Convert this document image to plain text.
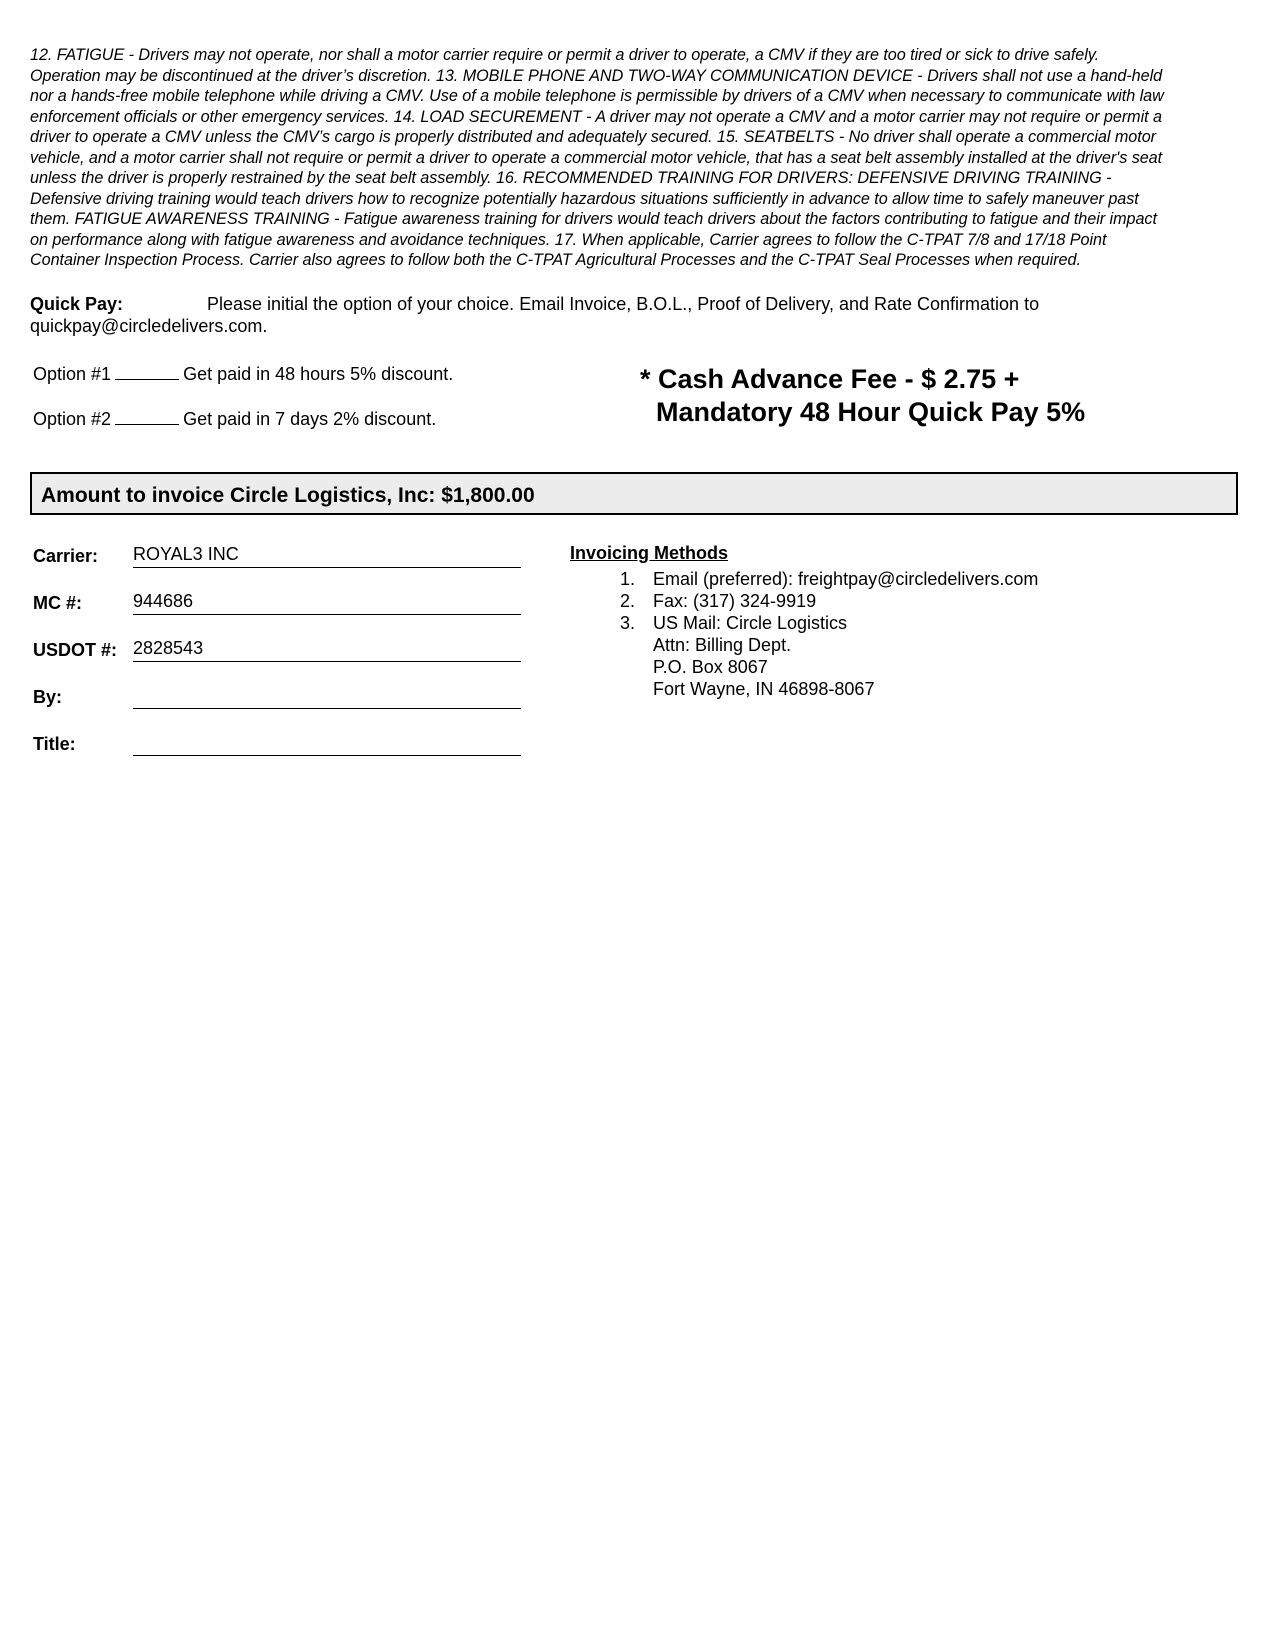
12. FATIGUE - Drivers may not operate, nor shall a motor carrier require or permit a driver to operate, a CMV if they are too tired or sick to drive safely.
Operation may be discontinued at the driver’s discretion. 13. MOBILE PHONE AND TWO-WAY COMMUNICATION DEVICE - Drivers shall not use a hand-held
nor a hands-free mobile telephone while driving a CMV. Use of a mobile telephone is permissible by drivers of a CMV when necessary to communicate with law
enforcement officials or other emergency services. 14. LOAD SECUREMENT - A driver may not operate a CMV and a motor carrier may not require or permit a
driver to operate a CMV unless the CMV’s cargo is properly distributed and adequately secured. 15. SEATBELTS - No driver shall operate a commercial motor
vehicle, and a motor carrier shall not require or permit a driver to operate a commercial motor vehicle, that has a seat belt assembly installed at the driver's seat
unless the driver is properly restrained by the seat belt assembly. 16. RECOMMENDED TRAINING FOR DRIVERS: DEFENSIVE DRIVING TRAINING -
Defensive driving training would teach drivers how to recognize potentially hazardous situations sufficiently in advance to allow time to safely maneuver past
them. FATIGUE AWARENESS TRAINING - Fatigue awareness training for drivers would teach drivers about the factors contributing to fatigue and their impact
on performance along with fatigue awareness and avoidance techniques. 17. When applicable, Carrier agrees to follow the C-TPAT 7/8 and 17/18 Point
Container Inspection Process. Carrier also agrees to follow both the C-TPAT Agricultural Processes and the C-TPAT Seal Processes when required.
Quick Pay:	Please initial the option of your choice. Email Invoice, B.O.L., Proof of Delivery, and Rate Confirmation to
quickpay@circledelivers.com.
Option #1	Get paid in 48 hours 5% discount.
Option #2	Get paid in 7 days 2% discount.
* Cash Advance Fee - $ 2.75 +
Mandatory 48 Hour Quick Pay 5%
Amount to invoice Circle Logistics, Inc: $1,800.00
Carrier: ROYAL3 INC
MC #:	944686
USDOT #: 2828543
By:
Title:
Invoicing Methods
1. Email (preferred): freightpay@circledelivers.com
2. Fax: (317) 324-9919
3. US Mail: Circle Logistics
Attn: Billing Dept.
P.O. Box 8067
Fort Wayne, IN 46898-8067
